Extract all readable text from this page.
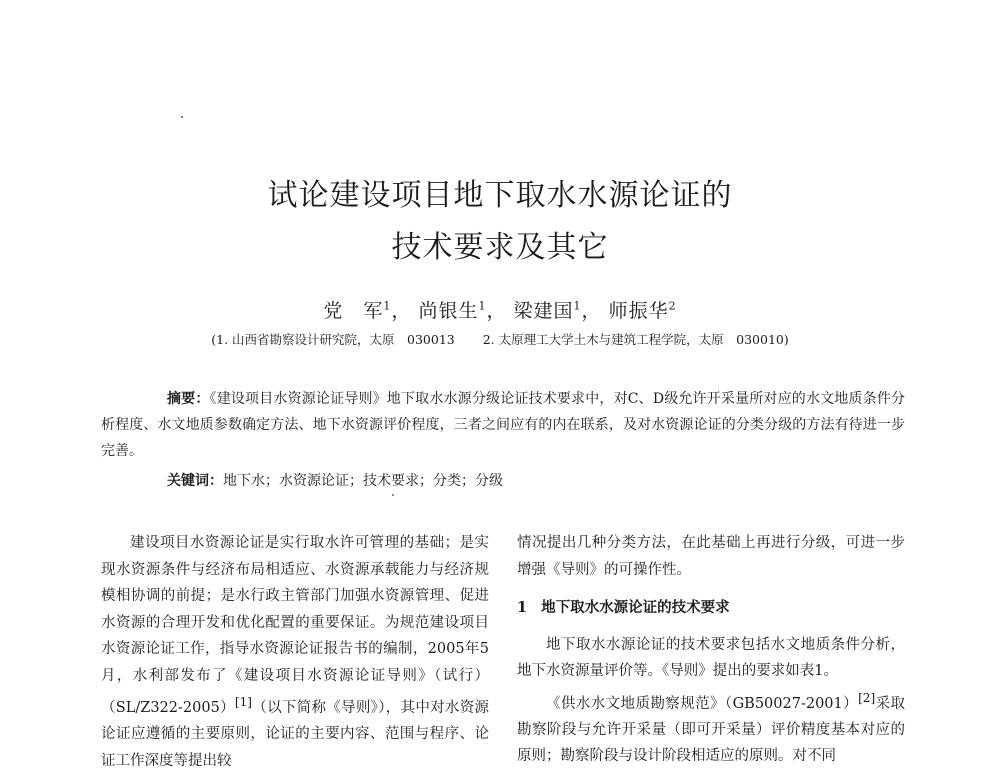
试论建设项目地下取水水源论证的
技术要求及其它
党　军$^1$， 尚银生$^1$， 梁建国$^1$， 师振华$^2$
(1. 山西省勘察设计研究院，太原　030013 2. 太原理工大学土木与建筑工程学院，太原　030010)
摘要：《建设项目水资源论证导则》地下取水水源分级论证技术要求中，对C、D级允许开采量所对应的水文地质条件分析程度、水文地质参数确定方法、地下水资源评价程度，三者之间应有的内在联系，及对水资源论证的分类分级的方法有待进一步完善。
关键词：地下水；水资源论证；技术要求；分类；分级

建设项目水资源论证是实行取水许可管理的基础；是实现水资源条件与经济布局相适应、水资源承载能力与经济规模相协调的前提；是水行政主管部门加强水资源管理、促进水资源的合理开发和优化配置的重要保证。为规范建设项目水资源论证工作，指导水资源论证报告书的编制，2005年5月，水利部发布了《建设项目水资源论证导则》（试行）（SL/Z322-2005）[1]（以下简称《导则》），其中对水资源论证应遵循的主要原则，论证的主要内容、范围与程序、论证工作深度等提出较

情况提出几种分类方法，在此基础上再进行分级，可进一步增强《导则》的可操作性。

1 地下取水水源论证的技术要求

地下取水水源论证的技术要求包括水文地质条件分析，地下水资源量评价等。《导则》提出的要求如表1。

《供水水文地质勘察规范》（GB50027-2001）[2]采取勘察阶段与允许开采量（即可开采量）评价精度基本对应的原则；勘察阶段与设计阶段相适应的原则。对不同
